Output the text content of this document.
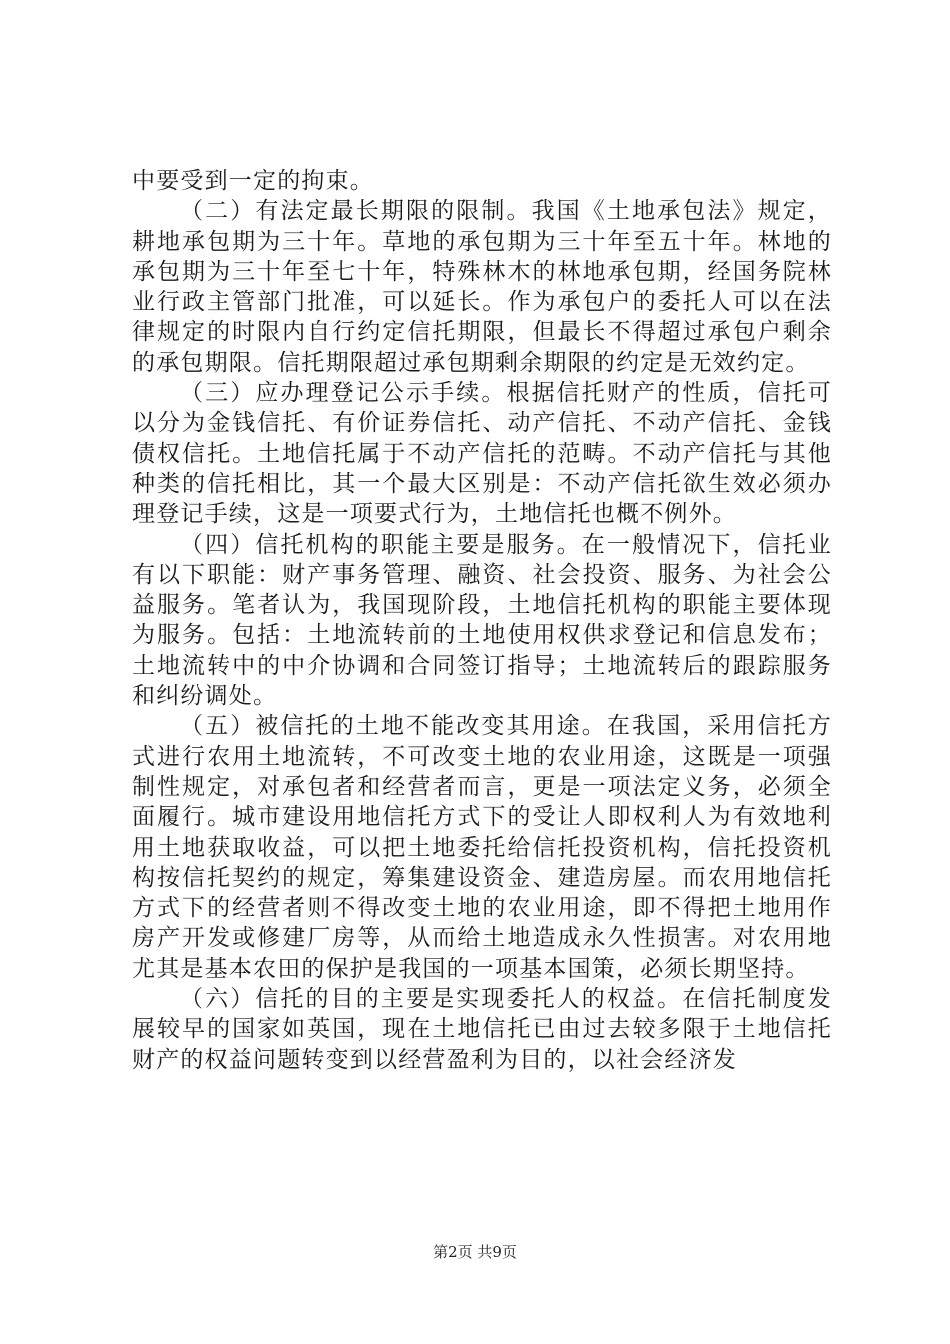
中要受到一定的拘束。

（二）有法定最长期限的限制。我国《土地承包法》规定，耕地承包期为三十年。草地的承包期为三十年至五十年。林地的承包期为三十年至七十年，特殊林木的林地承包期，经国务院林业行政主管部门批准，可以延长。作为承包户的委托人可以在法律规定的时限内自行约定信托期限，但最长不得超过承包户剩余的承包期限。信托期限超过承包期剩余期限的约定是无效约定。

（三）应办理登记公示手续。根据信托财产的性质，信托可以分为金钱信托、有价证券信托、动产信托、不动产信托、金钱债权信托。土地信托属于不动产信托的范畴。不动产信托与其他种类的信托相比，其一个最大区别是：不动产信托欲生效必须办理登记手续，这是一项要式行为，土地信托也概不例外。

（四）信托机构的职能主要是服务。在一般情况下，信托业有以下职能：财产事务管理、融资、社会投资、服务、为社会公益服务。笔者认为，我国现阶段，土地信托机构的职能主要体现为服务。包括：土地流转前的土地使用权供求登记和信息发布；土地流转中的中介协调和合同签订指导；土地流转后的跟踪服务和纠纷调处。

（五）被信托的土地不能改变其用途。在我国，采用信托方式进行农用土地流转，不可改变土地的农业用途，这既是一项强制性规定，对承包者和经营者而言，更是一项法定义务，必须全面履行。城市建设用地信托方式下的受让人即权利人为有效地利用土地获取收益，可以把土地委托给信托投资机构，信托投资机构按信托契约的规定，筹集建设资金、建造房屋。而农用地信托方式下的经营者则不得改变土地的农业用途，即不得把土地用作房产开发或修建厂房等，从而给土地造成永久性损害。对农用地尤其是基本农田的保护是我国的一项基本国策，必须长期坚持。

（六）信托的目的主要是实现委托人的权益。在信托制度发展较早的国家如英国，现在土地信托已由过去较多限于土地信托财产的权益问题转变到以经营盈利为目的，以社会经济发

第2页 共9页
